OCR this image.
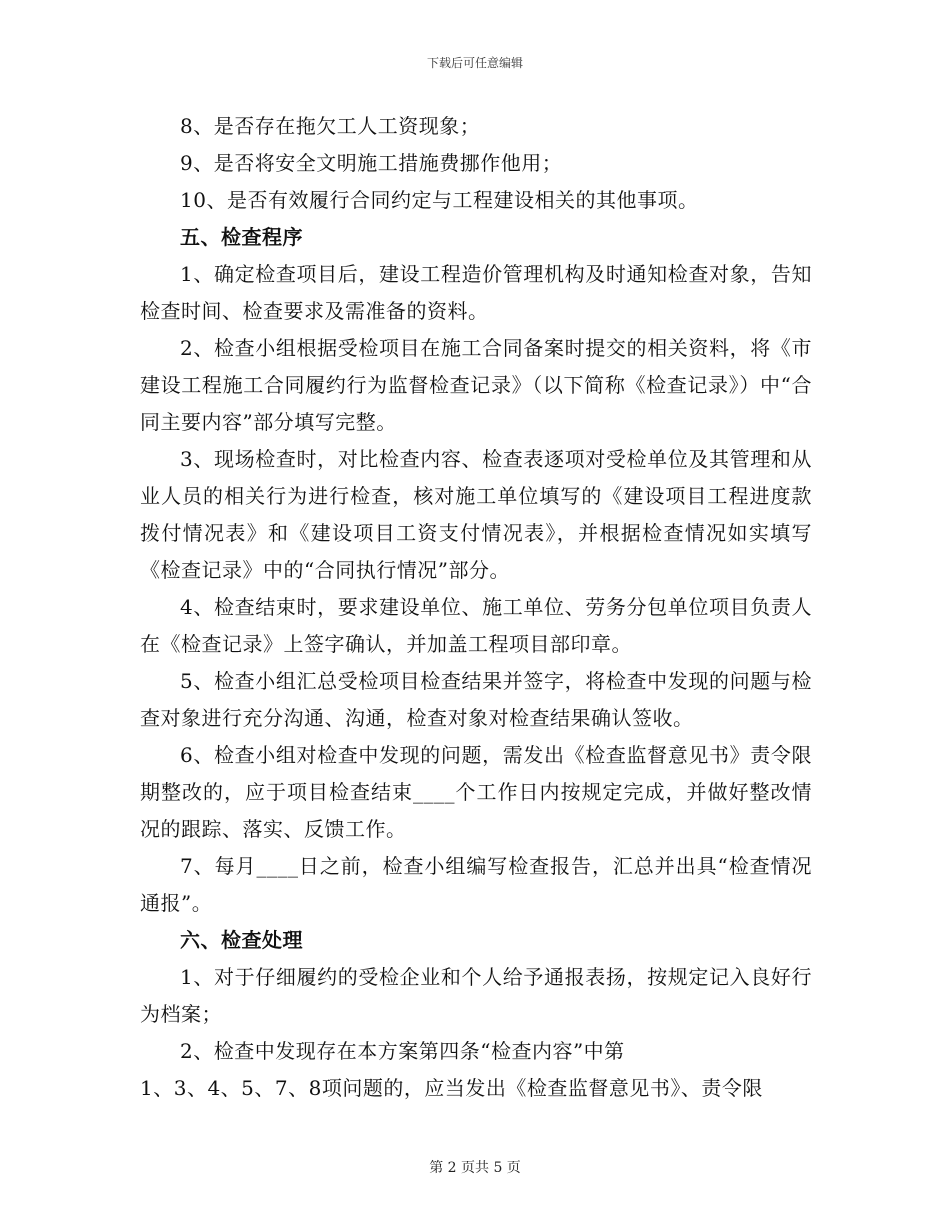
下载后可任意编辑

8、是否存在拖欠工人工资现象；

9、是否将安全文明施工措施费挪作他用；

10、是否有效履行合同约定与工程建设相关的其他事项。

五、检查程序

1、确定检查项目后，建设工程造价管理机构及时通知检查对象，告知检查时间、检查要求及需准备的资料。

2、检查小组根据受检项目在施工合同备案时提交的相关资料，将《市建设工程施工合同履约行为监督检查记录》（以下简称《检查记录》）中“合同主要内容”部分填写完整。

3、现场检查时，对比检查内容、检查表逐项对受检单位及其管理和从业人员的相关行为进行检查，核对施工单位填写的《建设项目工程进度款拨付情况表》和《建设项目工资支付情况表》，并根据检查情况如实填写《检查记录》中的“合同执行情况”部分。

4、检查结束时，要求建设单位、施工单位、劳务分包单位项目负责人在《检查记录》上签字确认，并加盖工程项目部印章。

5、检查小组汇总受检项目检查结果并签字，将检查中发现的问题与检查对象进行充分沟通、沟通，检查对象对检查结果确认签收。

6、检查小组对检查中发现的问题，需发出《检查监督意见书》责令限期整改的，应于项目检查结束____个工作日内按规定完成，并做好整改情况的跟踪、落实、反馈工作。

7、每月____日之前，检查小组编写检查报告，汇总并出具“检查情况通报”。

六、检查处理

1、对于仔细履约的受检企业和个人给予通报表扬，按规定记入良好行为档案；

2、检查中发现存在本方案第四条“检查内容”中第

1、3、4、5、7、8项问题的，应当发出《检查监督意见书》、责令限

第 2 页共 5 页
